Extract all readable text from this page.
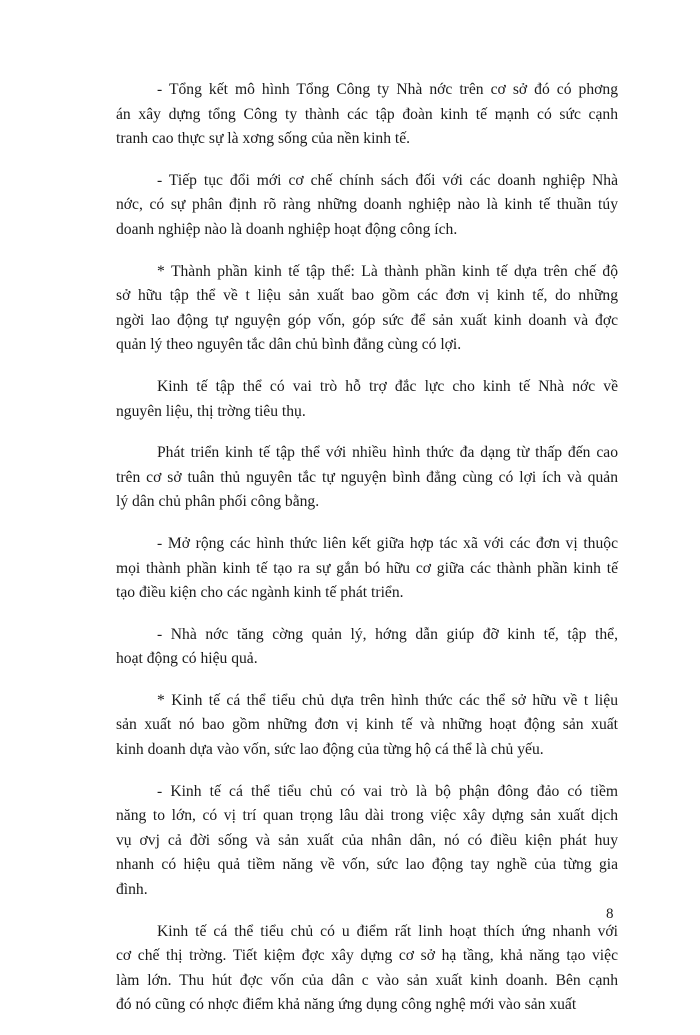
- Tổng kết mô hình Tổng Công ty Nhà nớc trên cơ sở đó có phơng
án xây dựng tổng Công ty thành các tập đoàn kinh tế mạnh có sức cạnh
tranh cao thực sự là xơng sống của nền kinh tế.

- Tiếp tục đổi mới cơ chế chính sách đối với các doanh nghiệp Nhà
nớc, có sự phân định rõ ràng những doanh nghiệp nào là kinh tế thuần túy
doanh nghiệp nào là doanh nghiệp hoạt động công ích.

* Thành phần kinh tế tập thể: Là thành phần kinh tế dựa trên chế độ
sở hữu tập thể về t liệu sản xuất bao gồm các đơn vị kinh tế, do những
ngời lao động tự nguyện góp vốn, góp sức để sản xuất kinh doanh và đợc
quản lý theo nguyên tắc dân chủ bình đẳng cùng có lợi.

Kinh tế tập thể có vai trò hỗ trợ đắc lực cho kinh tế Nhà nớc về
nguyên liệu, thị trờng tiêu thụ.

Phát triển kinh tế tập thể với nhiều hình thức đa dạng từ thấp đến cao
trên cơ sở tuân thủ nguyên tắc tự nguyện bình đẳng cùng có lợi ích và quản
lý dân chủ phân phối công bằng.

- Mở rộng các hình thức liên kết giữa hợp tác xã với các đơn vị thuộc
mọi thành phần kinh tế tạo ra sự gắn bó hữu cơ giữa các thành phần kinh tế
tạo điều kiện cho các ngành kinh tế phát triển.

- Nhà nớc tăng cờng quản lý, hớng dẫn giúp đỡ kinh tế, tập thể,
hoạt động có hiệu quả.

* Kinh tế cá thể tiểu chủ dựa trên hình thức các thể sở hữu về t liệu
sản xuất nó bao gồm những đơn vị kinh tế và những hoạt động sản xuất
kinh doanh dựa vào vốn, sức lao động của từng hộ cá thể là chủ yếu.

- Kinh tế cá thể tiểu chủ có vai trò là bộ phận đông đảo có tiềm
năng to lớn, có vị trí quan trọng lâu dài trong việc xây dựng sản xuất dịch
vụ ơvj cả đời sống và sản xuất của nhân dân, nó có điều kiện phát huy
nhanh có hiệu quả tiềm năng về vốn, sức lao động tay nghề của từng gia
đình.

Kinh tế cá thể tiểu chủ có u điểm rất linh hoạt thích ứng nhanh với
cơ chế thị trờng. Tiết kiệm đợc xây dựng cơ sở hạ tầng, khả năng tạo việc
làm lớn. Thu hút đợc vốn của dân c vào sản xuất kinh doanh. Bên cạnh
đó nó cũng có nhợc điểm khả năng ứng dụng công nghệ mới vào sản xuất

8
